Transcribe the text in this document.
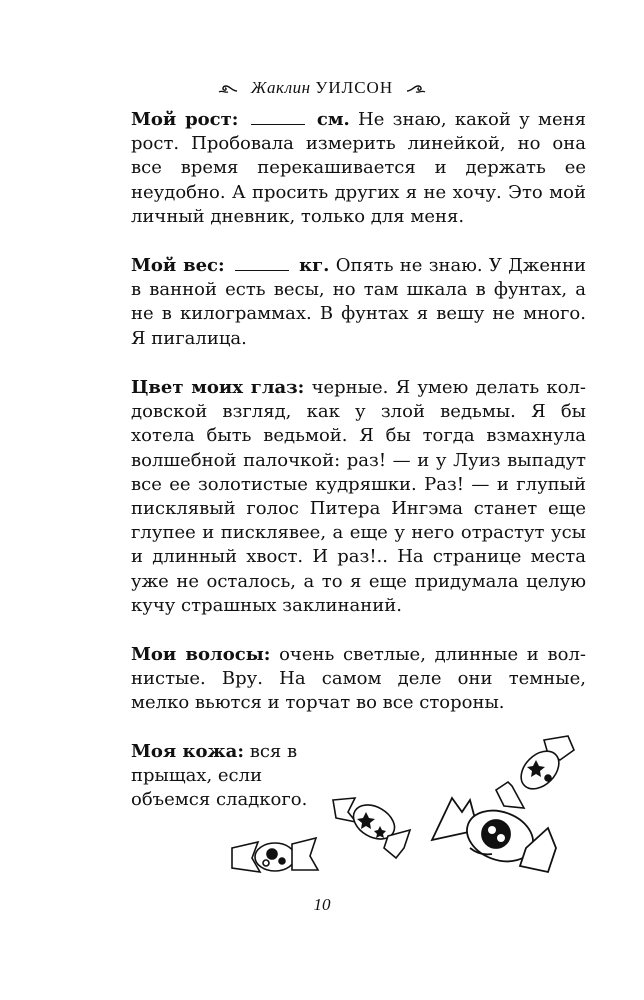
Жаклин УИЛСОН

Мой рост:	см. Не знаю, какой у меня рост. Пробовала измерить линейкой, но она все время перекашивается и держать ее неудобно. А просить других я не хочу. Это мой личный дневник, только для меня.

Мой вес:	кг. Опять не знаю. У Дженни в ванной есть весы, но там шкала в фунтах, а не в килограммах. В фунтах я вешу не много. Я пигалица.

Цвет моих глаз: черные. Я умею делать колдовской взгляд, как у злой ведьмы. Я бы хотела быть ведьмой. Я бы тогда взмахнула волшебной палочкой: раз! — и у Луиз выпадут все ее золотистые кудряшки. Раз! — и глупый писклявый голос Питера Ингэма станет еще глупее и писклявее, а еще у него отрастут усы и длинный хвост. И раз!.. На странице места уже не осталось, а то я еще придумала целую кучу страшных заклинаний.

Мои волосы: очень светлые, длинные и волнистые. Вру. На самом деле они темные, мелко вьются и торчат во все стороны.

Моя кожа: вся в прыщах, если объемся сладкого.

10
